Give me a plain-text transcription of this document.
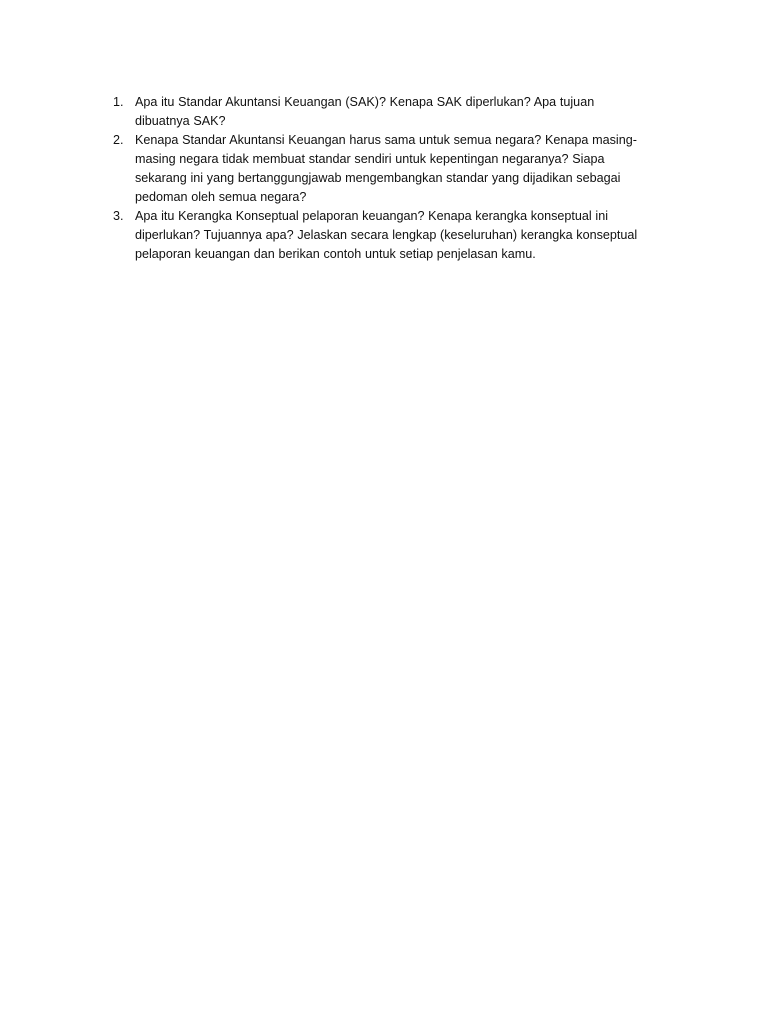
1. Apa itu Standar Akuntansi Keuangan (SAK)? Kenapa SAK diperlukan? Apa tujuan
dibuatnya SAK?
2. Kenapa Standar Akuntansi Keuangan harus sama untuk semua negara? Kenapa masing-
masing negara tidak membuat standar sendiri untuk kepentingan negaranya? Siapa
sekarang ini yang bertanggungjawab mengembangkan standar yang dijadikan sebagai
pedoman oleh semua negara?
3. Apa itu Kerangka Konseptual pelaporan keuangan? Kenapa kerangka konseptual ini
diperlukan? Tujuannya apa? Jelaskan secara lengkap (keseluruhan) kerangka konseptual
pelaporan keuangan dan berikan contoh untuk setiap penjelasan kamu.
